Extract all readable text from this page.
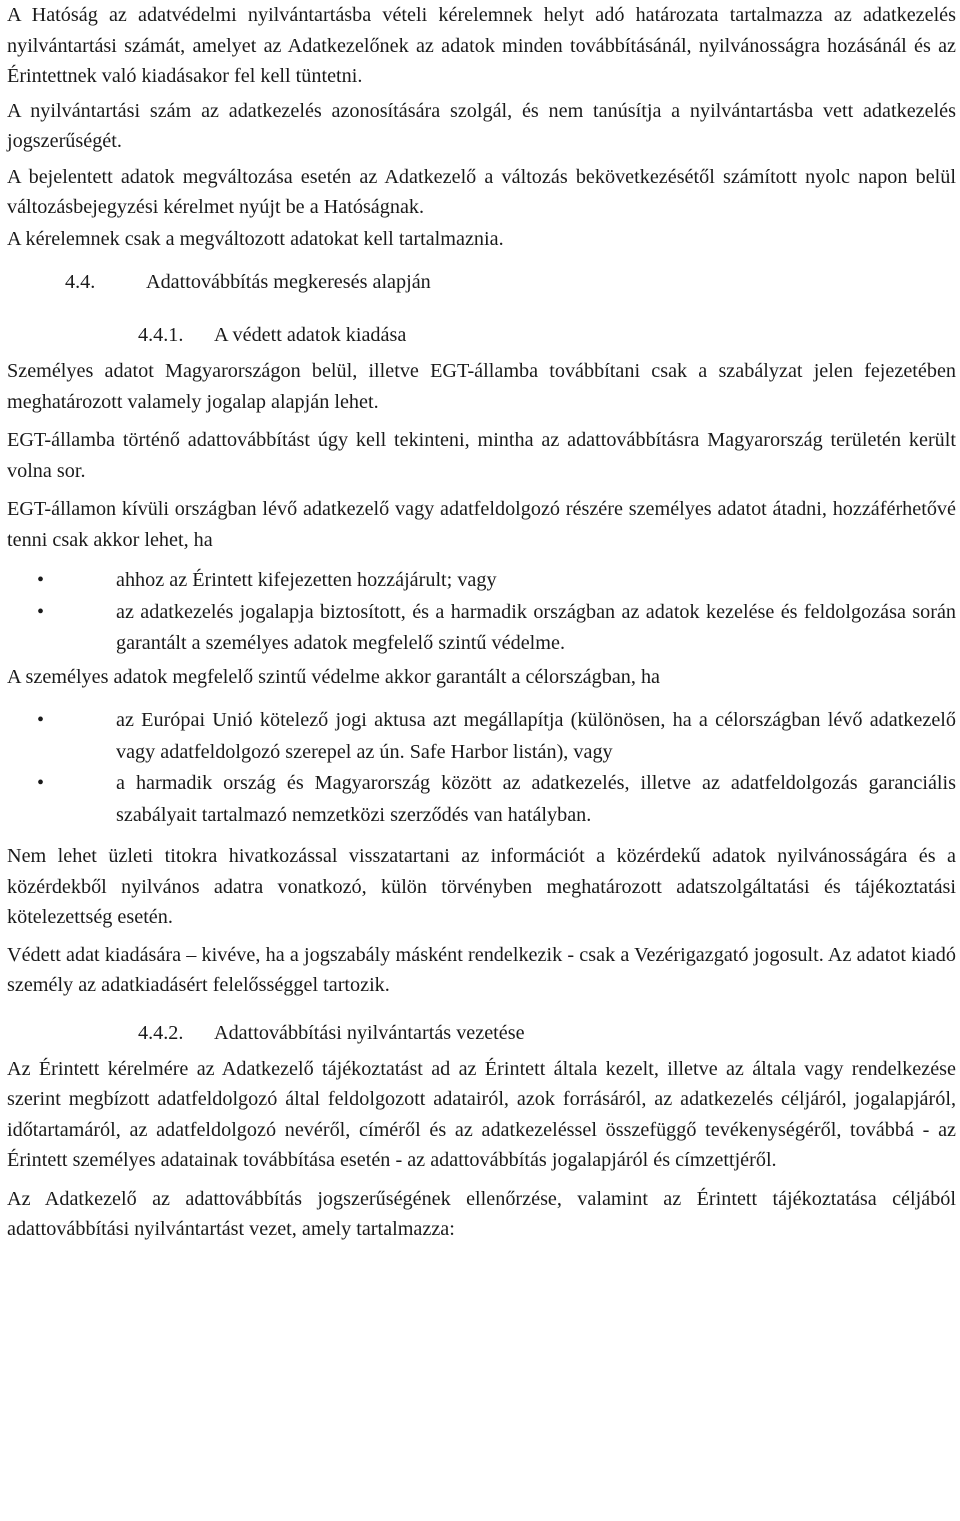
A Hatóság az adatvédelmi nyilvántartásba vételi kérelemnek helyt adó határozata tartalmazza az adatkezelés nyilvántartási számát, amelyet az Adatkezelőnek az adatok minden továbbításánál, nyilvánosságra hozásánál és az Érintettnek való kiadásakor fel kell tüntetni.

A nyilvántartási szám az adatkezelés azonosítására szolgál, és nem tanúsítja a nyilvántartásba vett adatkezelés jogszerűségét.

A bejelentett adatok megváltozása esetén az Adatkezelő a változás bekövetkezésétől számított nyolc napon belül változásbejegyzési kérelmet nyújt be a Hatóságnak.

A kérelemnek csak a megváltozott adatokat kell tartalmaznia.

4.4.	Adattovábbítás megkeresés alapján
4.4.1. A védett adatok kiadása

Személyes adatot Magyarországon belül, illetve EGT-államba továbbítani csak a szabályzat jelen fejezetében meghatározott valamely jogalap alapján lehet.

EGT-államba történő adattovábbítást úgy kell tekinteni, mintha az adattovábbításra Magyarország területén került volna sor.

EGT-államon kívüli országban lévő adatkezelő vagy adatfeldolgozó részére személyes adatot átadni, hozzáférhetővé tenni csak akkor lehet, ha

•	ahhoz az Érintett kifejezetten hozzájárult; vagy
•	az adatkezelés jogalapja biztosított, és a harmadik országban az adatok kezelése és feldolgozása során garantált a személyes adatok megfelelő szintű védelme.

A személyes adatok megfelelő szintű védelme akkor garantált a célországban, ha

•	az Európai Unió kötelező jogi aktusa azt megállapítja (különösen, ha a célországban lévő adatkezelő vagy adatfeldolgozó szerepel az ún. Safe Harbor listán), vagy
•	a harmadik ország és Magyarország között az adatkezelés, illetve az adatfeldolgozás garanciális szabályait tartalmazó nemzetközi szerződés van hatályban.

Nem lehet üzleti titokra hivatkozással visszatartani az információt a közérdekű adatok nyilvánosságára és a közérdekből nyilvános adatra vonatkozó, külön törvényben meghatározott adatszolgáltatási és tájékoztatási kötelezettség esetén.

Védett adat kiadására – kivéve, ha a jogszabály másként rendelkezik - csak a Vezérigazgató jogosult. Az adatot kiadó személy az adatkiadásért felelősséggel tartozik.

4.4.2. Adattovábbítási nyilvántartás vezetése

Az Érintett kérelmére az Adatkezelő tájékoztatást ad az Érintett általa kezelt, illetve az általa vagy rendelkezése szerint megbízott adatfeldolgozó által feldolgozott adatairól, azok forrásáról, az adatkezelés céljáról, jogalapjáról, időtartamáról, az adatfeldolgozó nevéről, címéről és az adatkezeléssel összefüggő tevékenységéről, továbbá - az Érintett személyes adatainak továbbítása esetén - az adattovábbítás jogalapjáról és címzettjéről.

Az Adatkezelő az adattovábbítás jogszerűségének ellenőrzése, valamint az Érintett tájékoztatása céljából adattovábbítási nyilvántartást vezet, amely tartalmazza:
